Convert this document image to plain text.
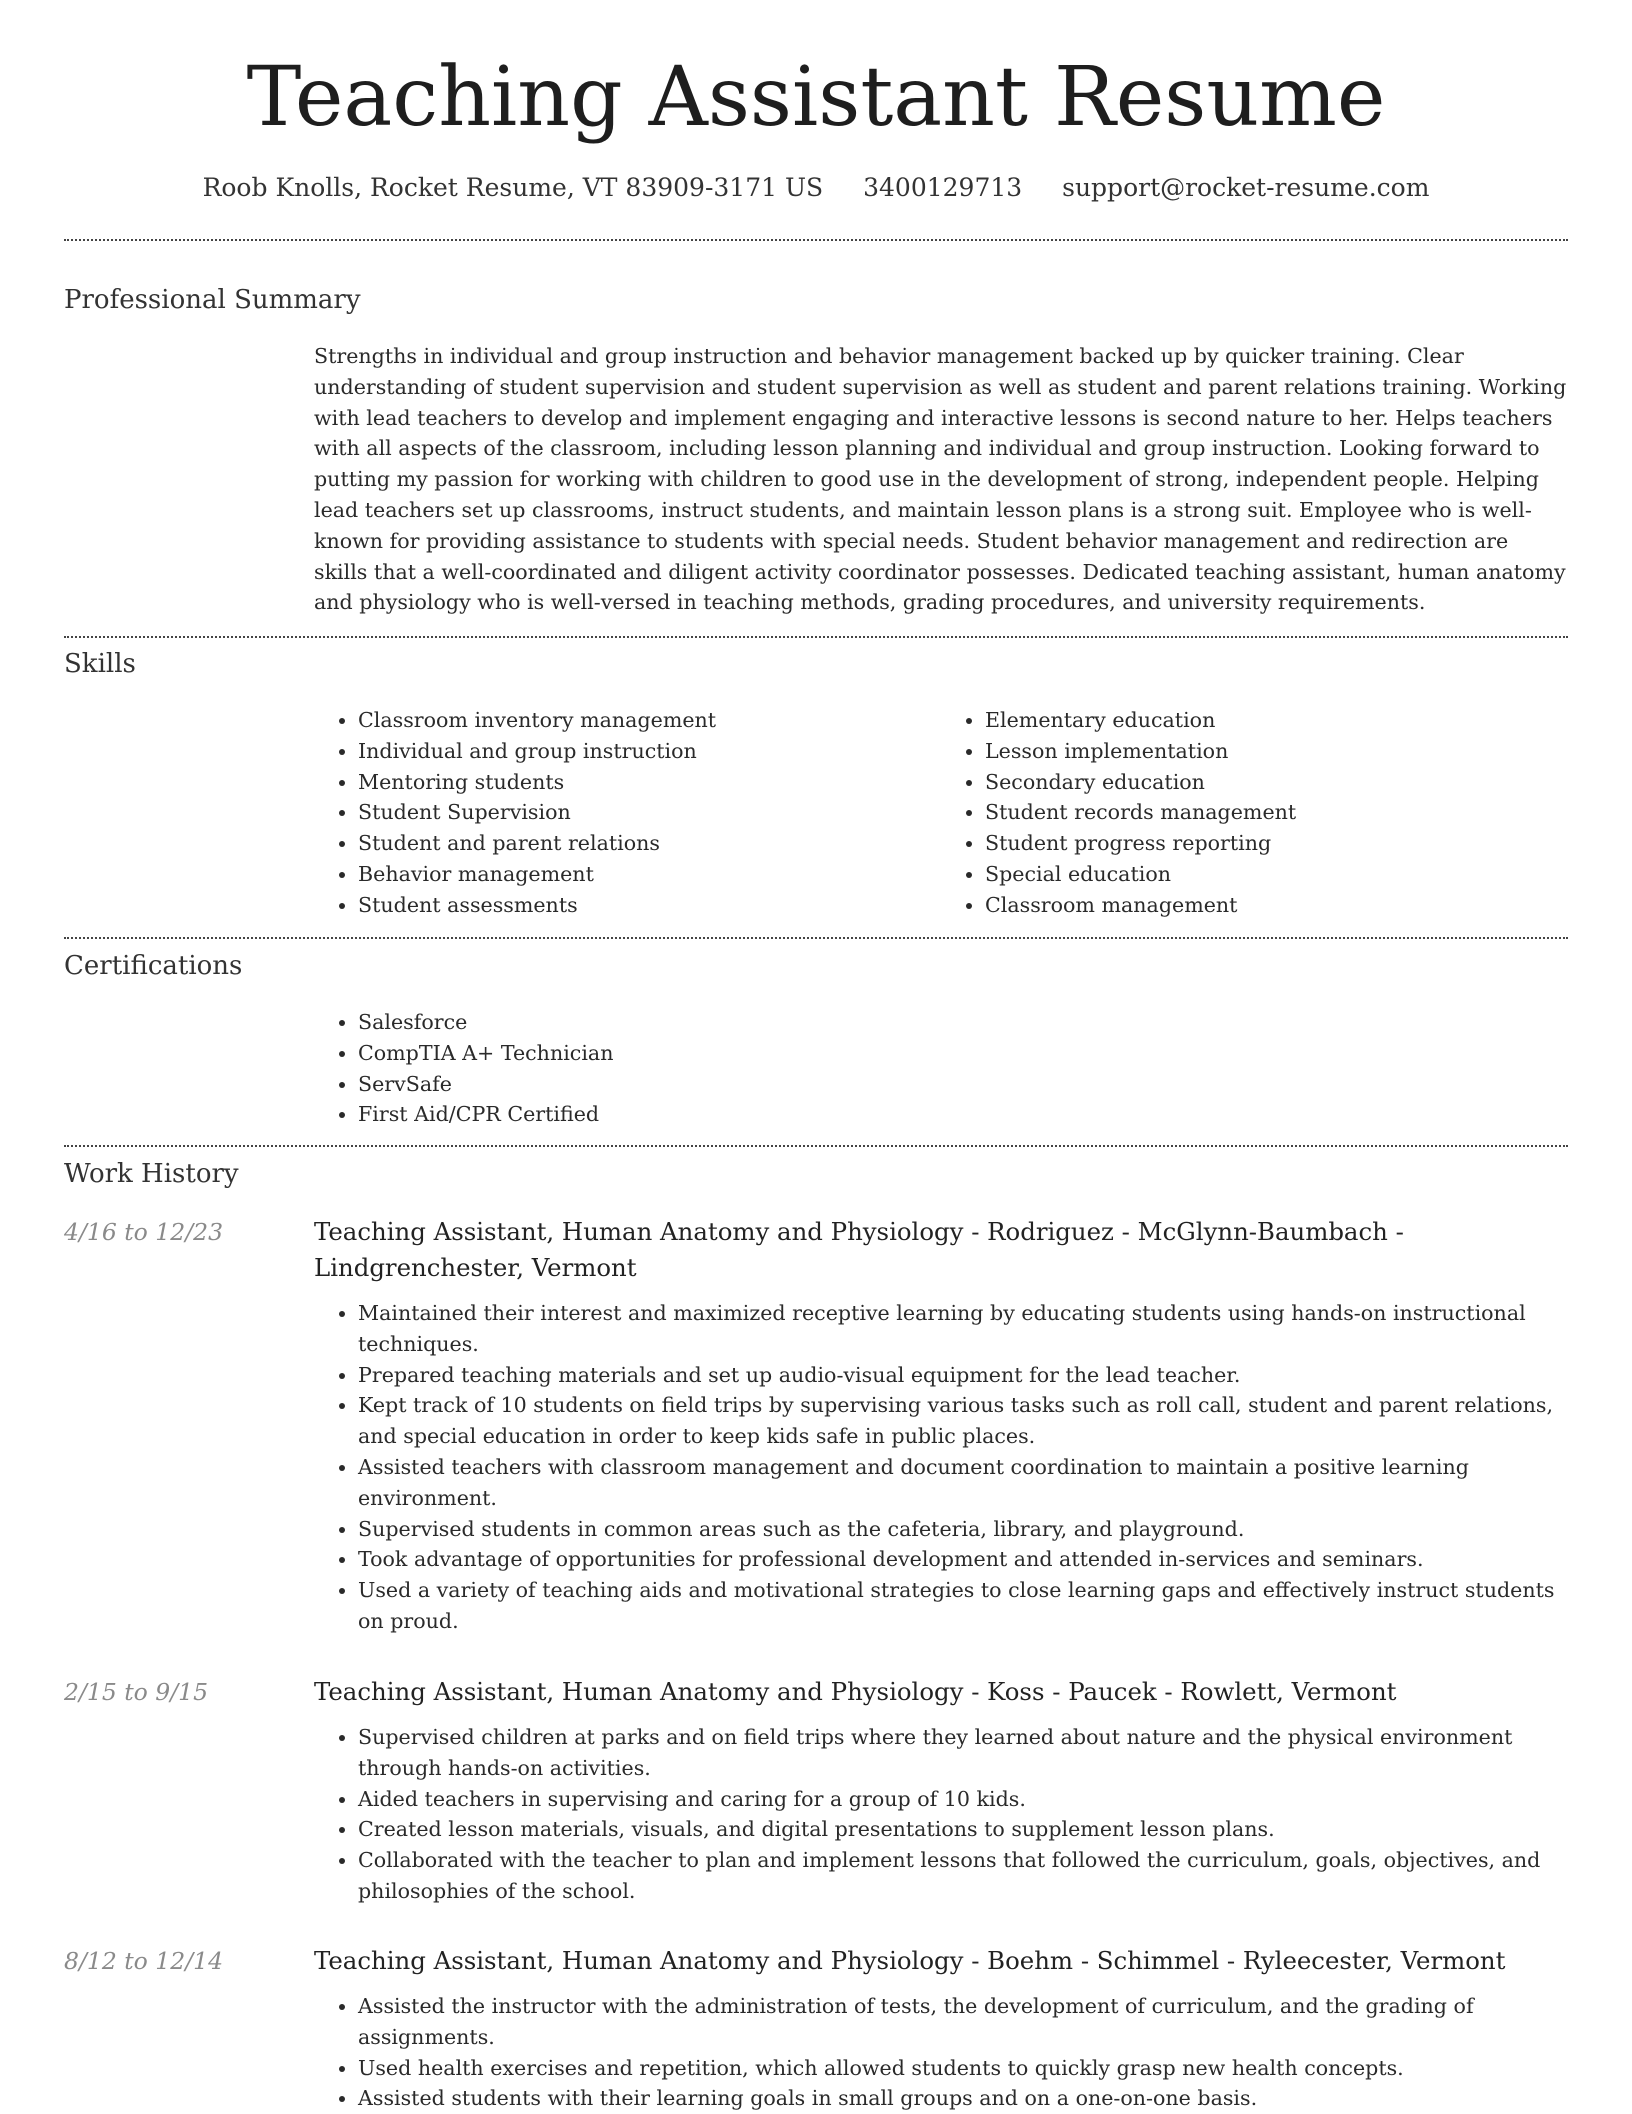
Teaching Assistant Resume
Roob Knolls, Rocket Resume, VT 83909-3171 US 3400129713 support@rocket-resume.com
Professional Summary

Strengths in individual and group instruction and behavior management backed up by quicker training. Clear understanding of student supervision and student supervision as well as student and parent relations training. Working with lead teachers to develop and implement engaging and interactive lessons is second nature to her. Helps teachers with all aspects of the classroom, including lesson planning and individual and group instruction. Looking forward to putting my passion for working with children to good use in the development of strong, independent people. Helping lead teachers set up classrooms, instruct students, and maintain lesson plans is a strong suit. Employee who is well-known for providing assistance to students with special needs. Student behavior management and redirection are skills that a well-coordinated and diligent activity coordinator possesses. Dedicated teaching assistant, human anatomy and physiology who is well-versed in teaching methods, grading procedures, and university requirements.

Skills
• Classroom inventory management
• Individual and group instruction
• Mentoring students
• Student Supervision
• Student and parent relations
• Behavior management
• Student assessments
• Elementary education
• Lesson implementation
• Secondary education
• Student records management
• Student progress reporting
• Special education
• Classroom management
Certifications
• Salesforce
• CompTIA A+ Technician
• ServSafe
• First Aid/CPR Certified
Work History
4/16 to 12/23	Teaching Assistant, Human Anatomy and Physiology - Rodriguez - McGlynn-Baumbach - Lindgrenchester, Vermont
• Maintained their interest and maximized receptive learning by educating students using hands-on instructional techniques.
• Prepared teaching materials and set up audio-visual equipment for the lead teacher.
• Kept track of 10 students on field trips by supervising various tasks such as roll call, student and parent relations, and special education in order to keep kids safe in public places.
• Assisted teachers with classroom management and document coordination to maintain a positive learning environment.
• Supervised students in common areas such as the cafeteria, library, and playground.
• Took advantage of opportunities for professional development and attended in-services and seminars.
• Used a variety of teaching aids and motivational strategies to close learning gaps and effectively instruct students on proud.
2/15 to 9/15	Teaching Assistant, Human Anatomy and Physiology - Koss - Paucek - Rowlett, Vermont
• Supervised children at parks and on field trips where they learned about nature and the physical environment through hands-on activities.
• Aided teachers in supervising and caring for a group of 10 kids.
• Created lesson materials, visuals, and digital presentations to supplement lesson plans.
• Collaborated with the teacher to plan and implement lessons that followed the curriculum, goals, objectives, and philosophies of the school.
8/12 to 12/14	Teaching Assistant, Human Anatomy and Physiology - Boehm - Schimmel - Ryleecester, Vermont
• Assisted the instructor with the administration of tests, the development of curriculum, and the grading of assignments.
• Used health exercises and repetition, which allowed students to quickly grasp new health concepts.
• Assisted students with their learning goals in small groups and on a one-on-one basis.
